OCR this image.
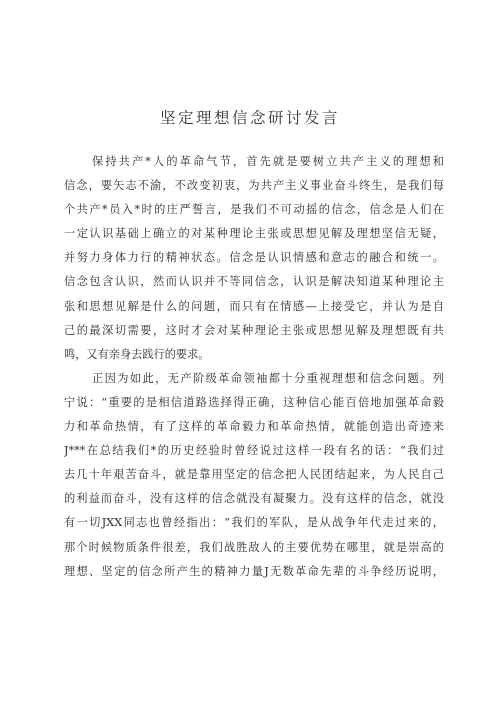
坚定理想信念研讨发言
保持共产*人的革命气节，首先就是要树立共产主义的理想和
信念，要矢志不渝，不改变初衷，为共产主义事业奋斗终生，是我们每
个共产*员入*时的庄严誓言，是我们不可动摇的信念，信念是人们在
一定认识基础上确立的对某种理论主张或思想见解及理想坚信无疑，
并努力身体力行的精神状态。信念是认识情感和意志的融合和统一。
信念包含认识，然而认识并不等同信念，认识是解决知道某种理论主
张和思想见解是什么的问题，而只有在情感—上接受它，并认为是自
己的最深切需要，这时才会对某种理论主张或思想见解及理想既有共
鸣，又有亲身去践行的要求。
正因为如此，无产阶级革命领袖都十分重视理想和信念问题。列
宁说：“重要的是相信道路选择得正确，这种信心能百倍地加强革命毅
力和革命热情，有了这样的革命毅力和革命热情，就能创造出奇迹来
J***在总结我们*的历史经验时曾经说过这样一段有名的话：“我们过
去几十年艰苦奋斗，就是靠用坚定的信念把人民团结起来，为人民自己
的利益而奋斗，没有这样的信念就没有凝聚力。没有这样的信念，就没
有一切JXX同志也曾经指出：“我们的军队，是从战争年代走过来的，
那个时候物质条件很差，我们战胜敌人的主要优势在哪里，就是崇高的
理想、坚定的信念所产生的精神力量J无数革命先辈的斗争经历说明，
